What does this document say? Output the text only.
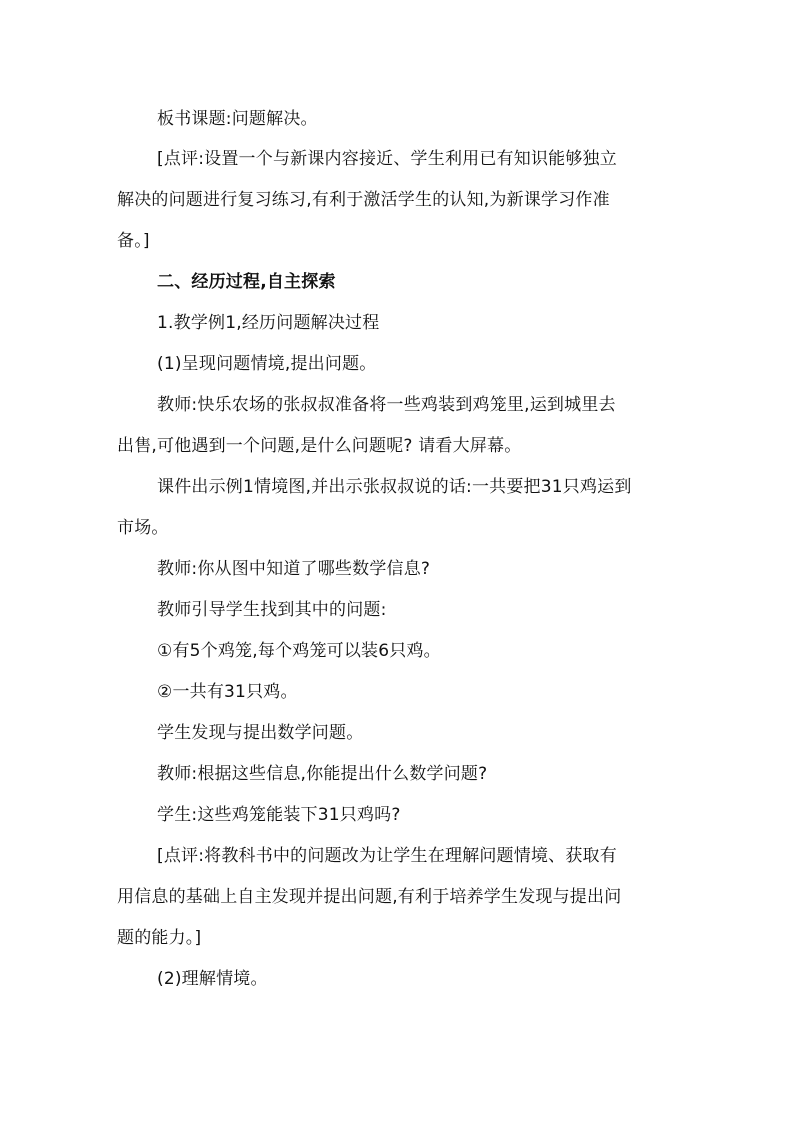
板书课题:问题解决。
[点评:设置一个与新课内容接近、学生利用已有知识能够独立
解决的问题进行复习练习,有利于激活学生的认知,为新课学习作准
备。]
二、经历过程,自主探索
1.教学例1,经历问题解决过程
(1)呈现问题情境,提出问题。
教师:快乐农场的张叔叔准备将一些鸡装到鸡笼里,运到城里去
出售,可他遇到一个问题,是什么问题呢? 请看大屏幕。
课件出示例1情境图,并出示张叔叔说的话:一共要把31只鸡运到
市场。
教师:你从图中知道了哪些数学信息?
教师引导学生找到其中的问题:
①有5个鸡笼,每个鸡笼可以装6只鸡。
②一共有31只鸡。
学生发现与提出数学问题。
教师:根据这些信息,你能提出什么数学问题?
学生:这些鸡笼能装下31只鸡吗?
[点评:将教科书中的问题改为让学生在理解问题情境、获取有
用信息的基础上自主发现并提出问题,有利于培养学生发现与提出问
题的能力。]
(2)理解情境。
